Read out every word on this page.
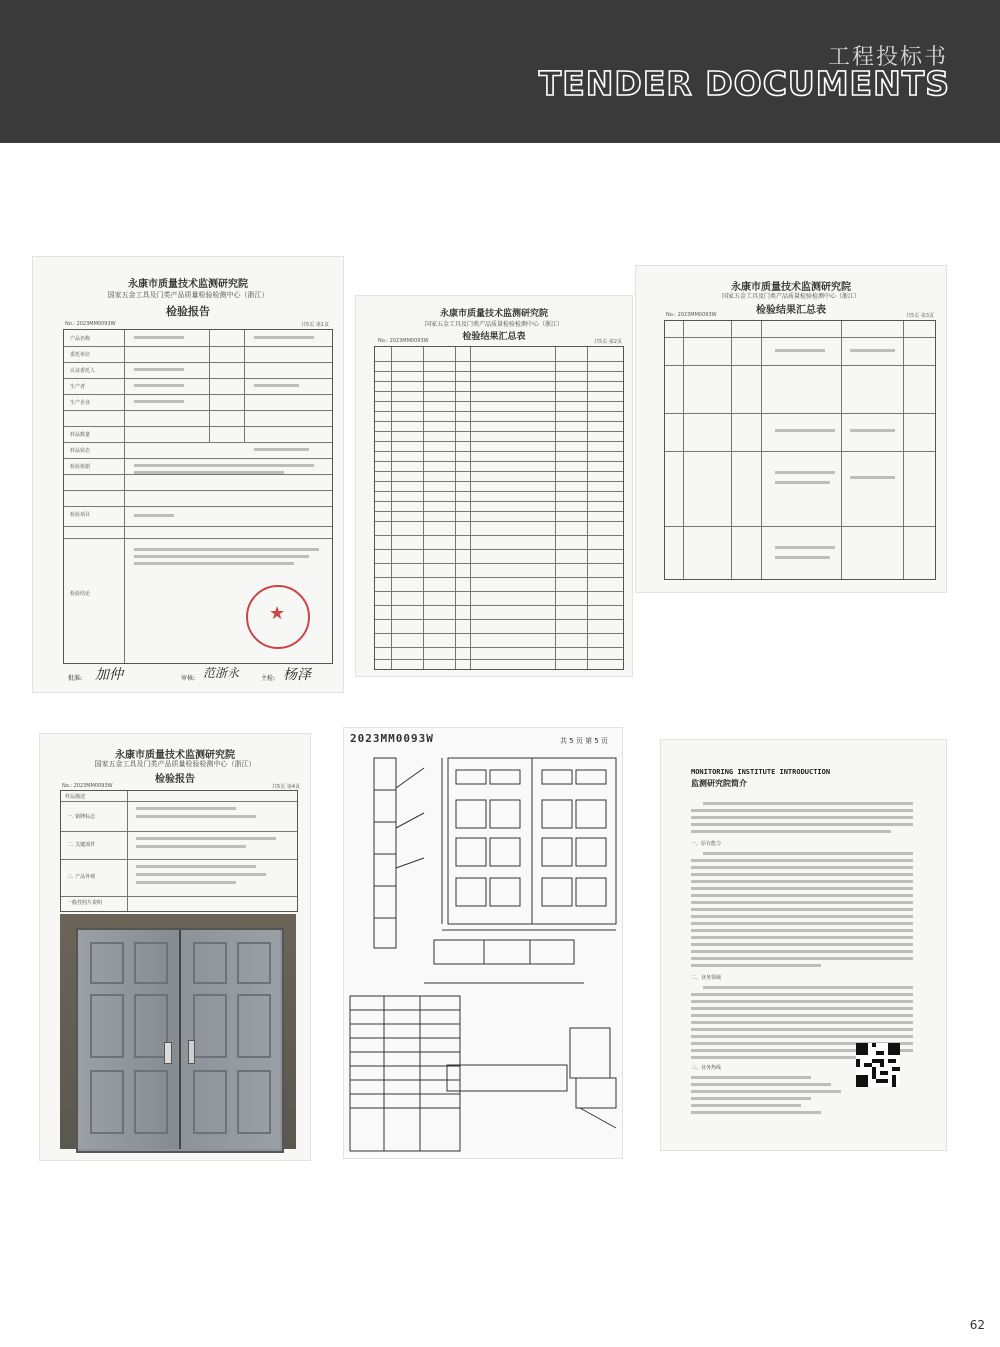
工程投标书
TENDER DOCUMENTS
永康市质量技术监测研究院
国家五金工具及门类产品质量检验检测中心（浙江）
检验报告
No.: 2023MM0093W	共5页 第1页
产品名称
委托单位
认证委托人
生产者
生产企业
样品数量
样品状态
检验依据
检验项目
检验结论
★
批准: 加仲	审核: 范浙永	主检: 杨泽
永康市质量技术监测研究院
国家五金工具及门类产品质量检验检测中心（浙江）
检验结果汇总表
No.: 2023MM0093W	共5页 第2页
永康市质量技术监测研究院
国家五金工具及门类产品质量检验检测中心（浙江）
检验结果汇总表
No.: 2023MM0093W	共5页 第3页
永康市质量技术监测研究院
国家五金工具及门类产品质量检验检测中心（浙江）
检验报告
No.: 2023MM0093W	共5页 第4页
样品描述
一. 铭牌标志
二. 关键部件
三. 产品外观
一般性照片说明
2023MM0093W	共 5 页 第 5 页
MONITORING INSTITUTE INTRODUCTION
监测研究院简介
一、原有能力
二、业务领域
三、业务热线
62
